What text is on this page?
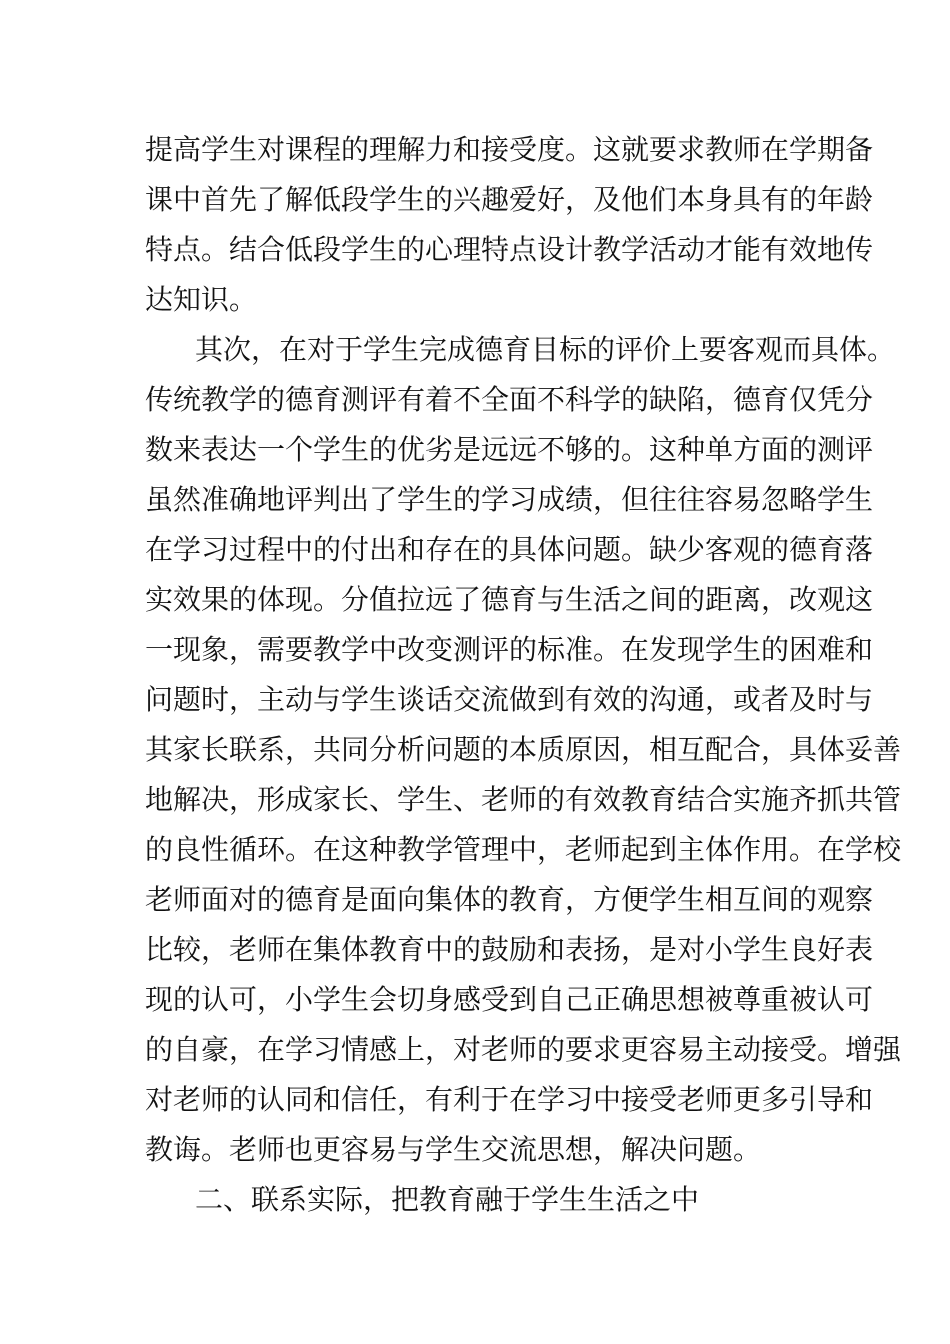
提高学生对课程的理解力和接受度。这就要求教师在学期备
课中首先了解低段学生的兴趣爱好，及他们本身具有的年龄
特点。结合低段学生的心理特点设计教学活动才能有效地传
达知识。
其次，在对于学生完成德育目标的评价上要客观而具体。
传统教学的德育测评有着不全面不科学的缺陷，德育仅凭分
数来表达一个学生的优劣是远远不够的。这种单方面的测评
虽然准确地评判出了学生的学习成绩，但往往容易忽略学生
在学习过程中的付出和存在的具体问题。缺少客观的德育落
实效果的体现。分值拉远了德育与生活之间的距离，改观这
一现象，需要教学中改变测评的标准。在发现学生的困难和
问题时，主动与学生谈话交流做到有效的沟通，或者及时与
其家长联系，共同分析问题的本质原因，相互配合，具体妥善
地解决，形成家长、学生、老师的有效教育结合实施齐抓共管
的良性循环。在这种教学管理中，老师起到主体作用。在学校
老师面对的德育是面向集体的教育，方便学生相互间的观察
比较，老师在集体教育中的鼓励和表扬，是对小学生良好表
现的认可，小学生会切身感受到自己正确思想被尊重被认可
的自豪，在学习情感上，对老师的要求更容易主动接受。增强
对老师的认同和信任，有利于在学习中接受老师更多引导和
教诲。老师也更容易与学生交流思想，解决问题。
二、联系实际，把教育融于学生生活之中
